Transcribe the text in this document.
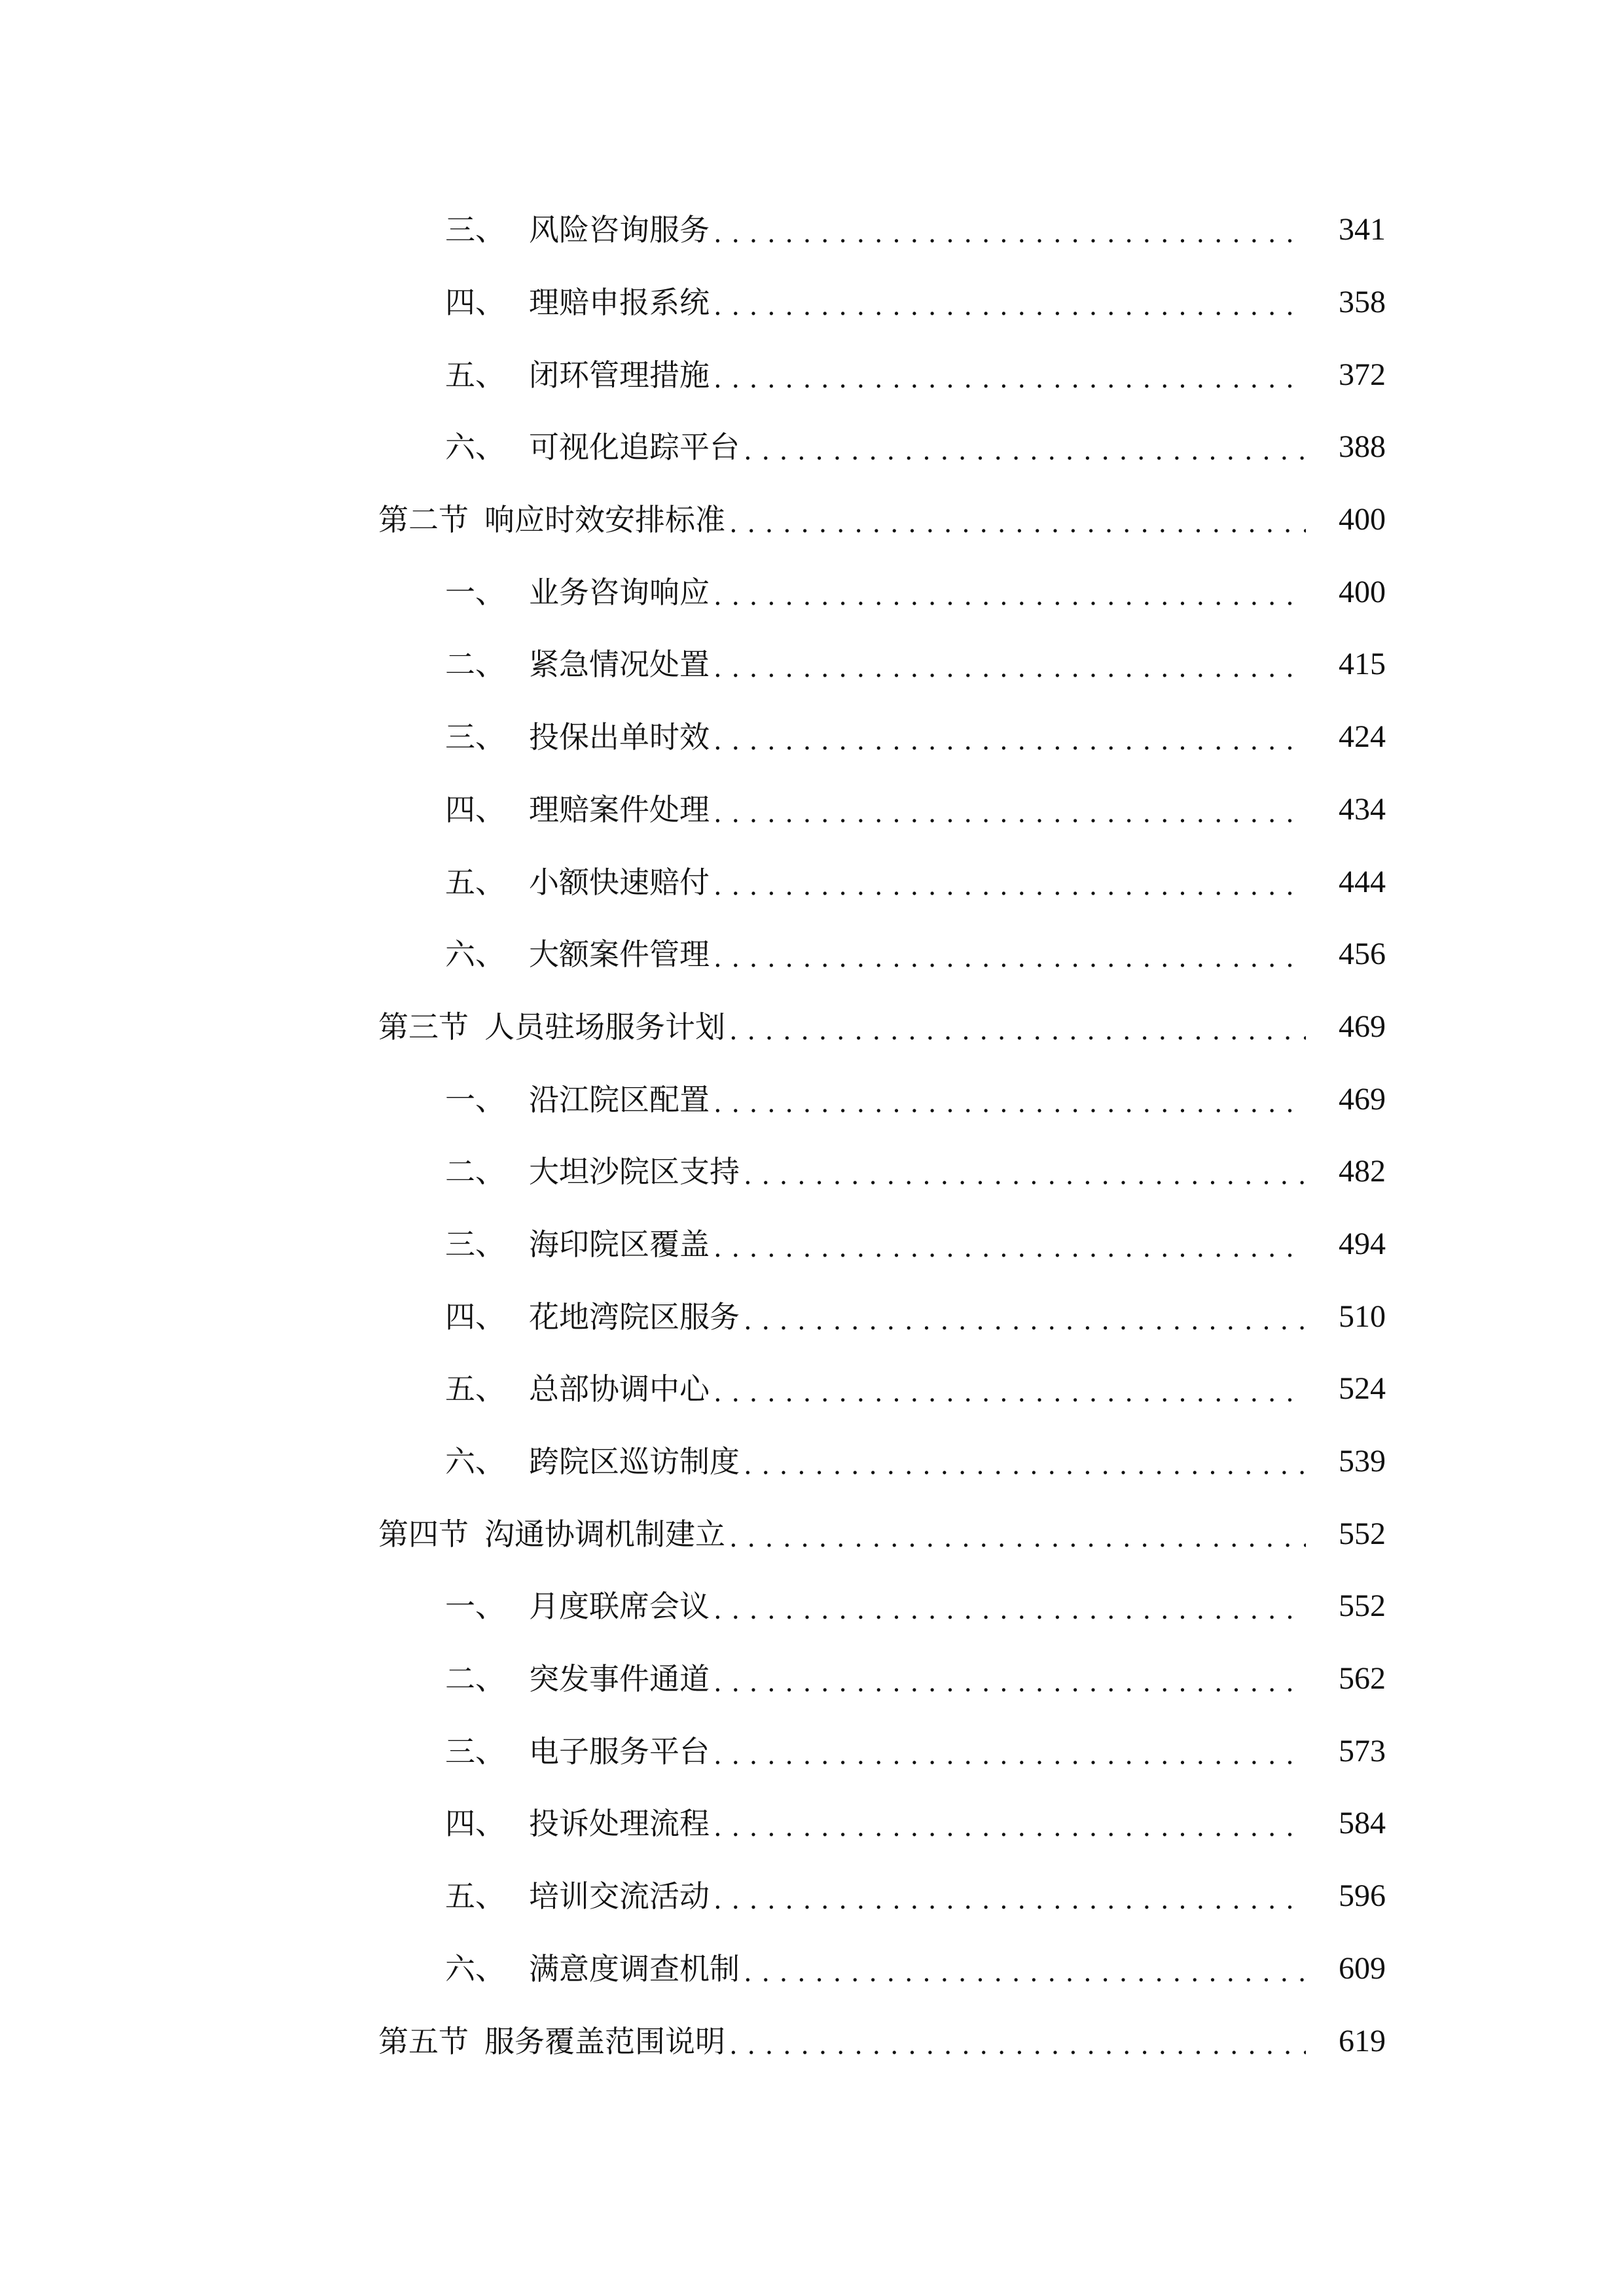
三、 风险咨询服务 .....	341
四、 理赔申报系统 .....	358
五、 闭环管理措施 .....	372
六、 可视化追踪平台 .....	388
第二节 响应时效安排标准 .....	400
一、 业务咨询响应 .....	400
二、 紧急情况处置 .....	415
三、 投保出单时效 .....	424
四、 理赔案件处理 .....	434
五、 小额快速赔付 .....	444
六、 大额案件管理 .....	456
第三节 人员驻场服务计划 .....	469
一、 沿江院区配置 .....	469
二、 大坦沙院区支持 .....	482
三、 海印院区覆盖 .....	494
四、 花地湾院区服务 .....	510
五、 总部协调中心 .....	524
六、 跨院区巡访制度 .....	539
第四节 沟通协调机制建立 .....	552
一、 月度联席会议 .....	552
二、 突发事件通道 .....	562
三、 电子服务平台 .....	573
四、 投诉处理流程 .....	584
五、 培训交流活动 .....	596
六、 满意度调查机制 .....	609
第五节 服务覆盖范围说明 .....	619
